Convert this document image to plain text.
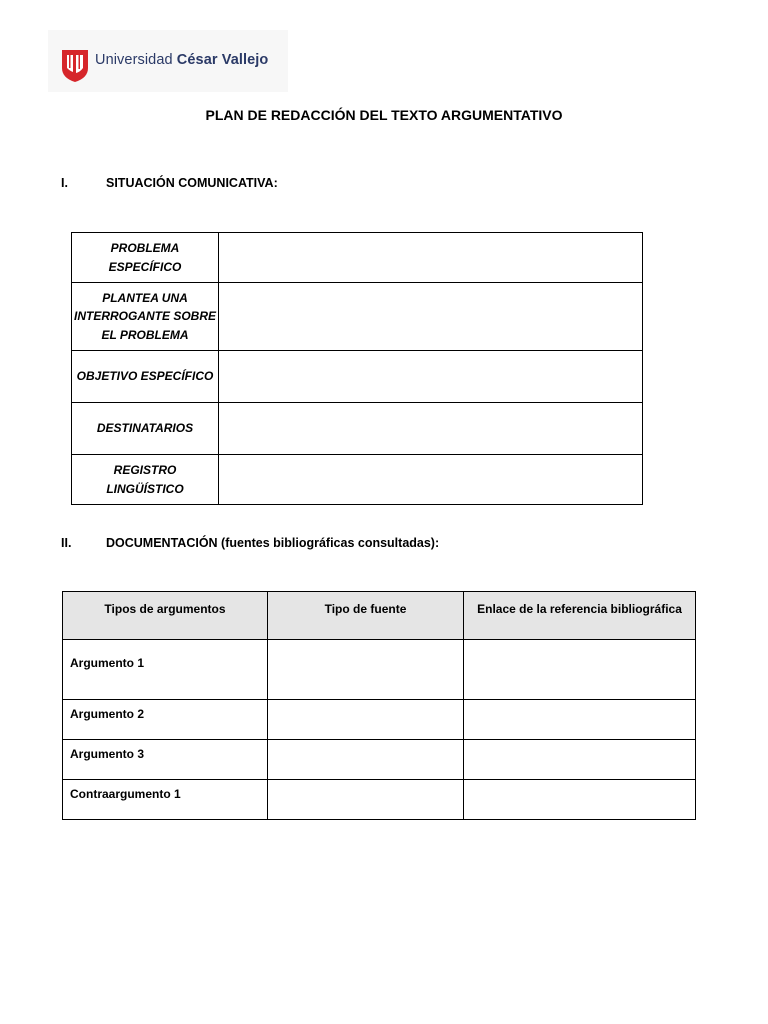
Universidad César Vallejo
PLAN DE REDACCIÓN DEL TEXTO ARGUMENTATIVO
I.	SITUACIÓN COMUNICATIVA:
PROBLEMA ESPECÍFICO	
PLANTEA UNA INTERROGANTE SOBRE EL PROBLEMA	
OBJETIVO ESPECÍFICO	
DESTINATARIOS	
REGISTRO LINGÜÍSTICO	
II.	DOCUMENTACIÓN (fuentes bibliográficas consultadas):
Tipos de argumentos	Tipo de fuente	Enlace de la referencia bibliográfica
Argumento 1		
Argumento 2		
Argumento 3		
Contraargumento 1		
